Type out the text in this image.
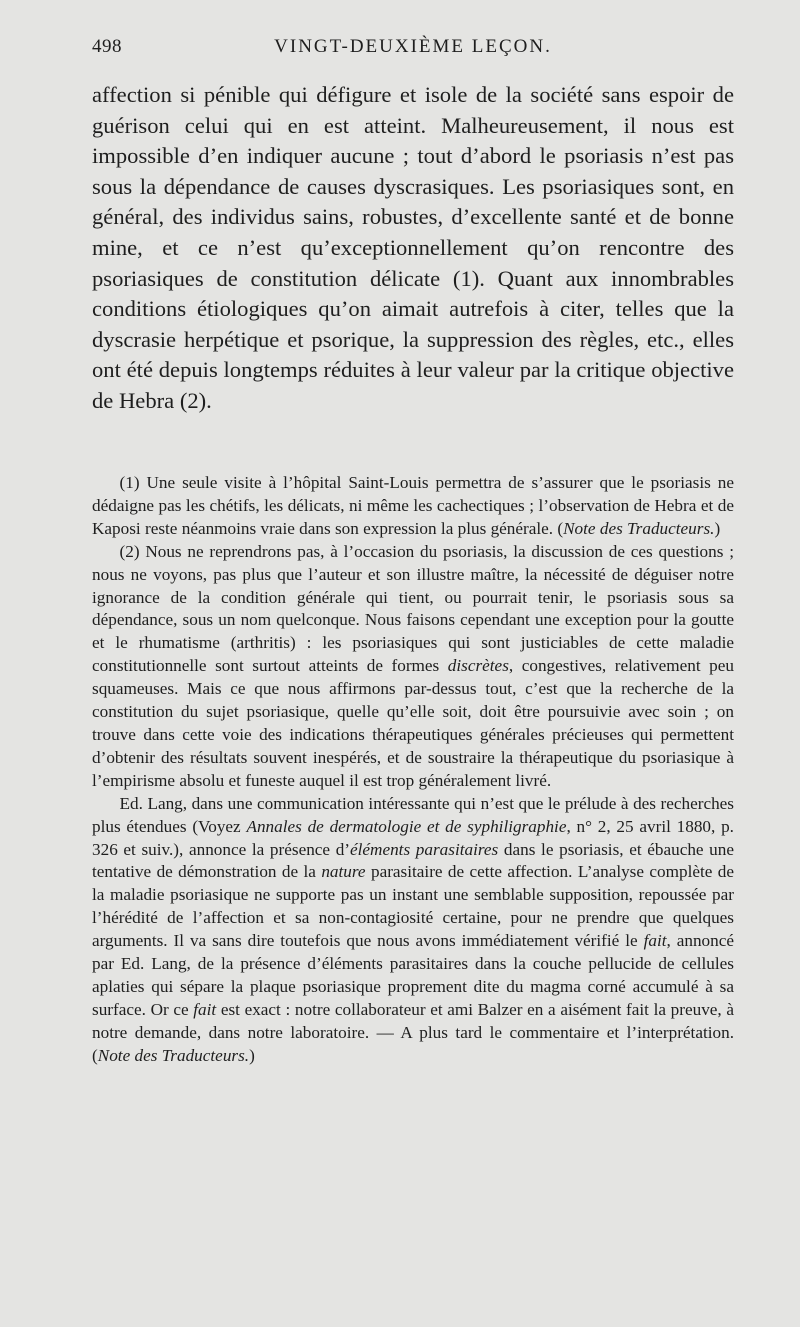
498	VINGT-DEUXIÈME LEÇON.

affection si pénible qui défigure et isole de la société sans espoir de guérison celui qui en est atteint. Malheureusement, il nous est impossible d’en indiquer aucune ; tout d’abord le psoriasis n’est pas sous la dépendance de causes dyscrasiques. Les psoriasiques sont, en général, des individus sains, robustes, d’excellente santé et de bonne mine, et ce n’est qu’exceptionnellement qu’on rencontre des psoriasiques de constitution délicate (1). Quant aux innombrables conditions étiologiques qu’on aimait autrefois à citer, telles que la dyscrasie herpétique et psorique, la suppression des règles, etc., elles ont été depuis longtemps réduites à leur valeur par la critique objective de Hebra (2).

(1) Une seule visite à l’hôpital Saint-Louis permettra de s’assurer que le psoriasis ne dédaigne pas les chétifs, les délicats, ni même les cachectiques ; l’observation de Hebra et de Kaposi reste néanmoins vraie dans son expression la plus générale. (Note des Traducteurs.)

(2) Nous ne reprendrons pas, à l’occasion du psoriasis, la discussion de ces questions ; nous ne voyons, pas plus que l’auteur et son illustre maître, la nécessité de déguiser notre ignorance de la condition générale qui tient, ou pourrait tenir, le psoriasis sous sa dépendance, sous un nom quelconque. Nous faisons cependant une exception pour la goutte et le rhumatisme (arthritis) : les psoriasiques qui sont justiciables de cette maladie constitutionnelle sont surtout atteints de formes discrètes, congestives, relativement peu squameuses. Mais ce que nous affirmons par-dessus tout, c’est que la recherche de la constitution du sujet psoriasique, quelle qu’elle soit, doit être poursuivie avec soin ; on trouve dans cette voie des indications thérapeutiques générales précieuses qui permettent d’obtenir des résultats souvent inespérés, et de soustraire la thérapeutique du psoriasique à l’empirisme absolu et funeste auquel il est trop généralement livré.

Ed. Lang, dans une communication intéressante qui n’est que le prélude à des recherches plus étendues (Voyez Annales de dermatologie et de syphiligraphie, n° 2, 25 avril 1880, p. 326 et suiv.), annonce la présence d’éléments parasitaires dans le psoriasis, et ébauche une tentative de démonstration de la nature parasitaire de cette affection. L’analyse complète de la maladie psoriasique ne supporte pas un instant une semblable supposition, repoussée par l’hérédité de l’affection et sa non-contagiosité certaine, pour ne prendre que quelques arguments. Il va sans dire toutefois que nous avons immédiatement vérifié le fait, annoncé par Ed. Lang, de la présence d’éléments parasitaires dans la couche pellucide de cellules aplaties qui sépare la plaque psoriasique proprement dite du magma corné accumulé à sa surface. Or ce fait est exact : notre collaborateur et ami Balzer en a aisément fait la preuve, à notre demande, dans notre laboratoire. — A plus tard le commentaire et l’interprétation. (Note des Traducteurs.)
